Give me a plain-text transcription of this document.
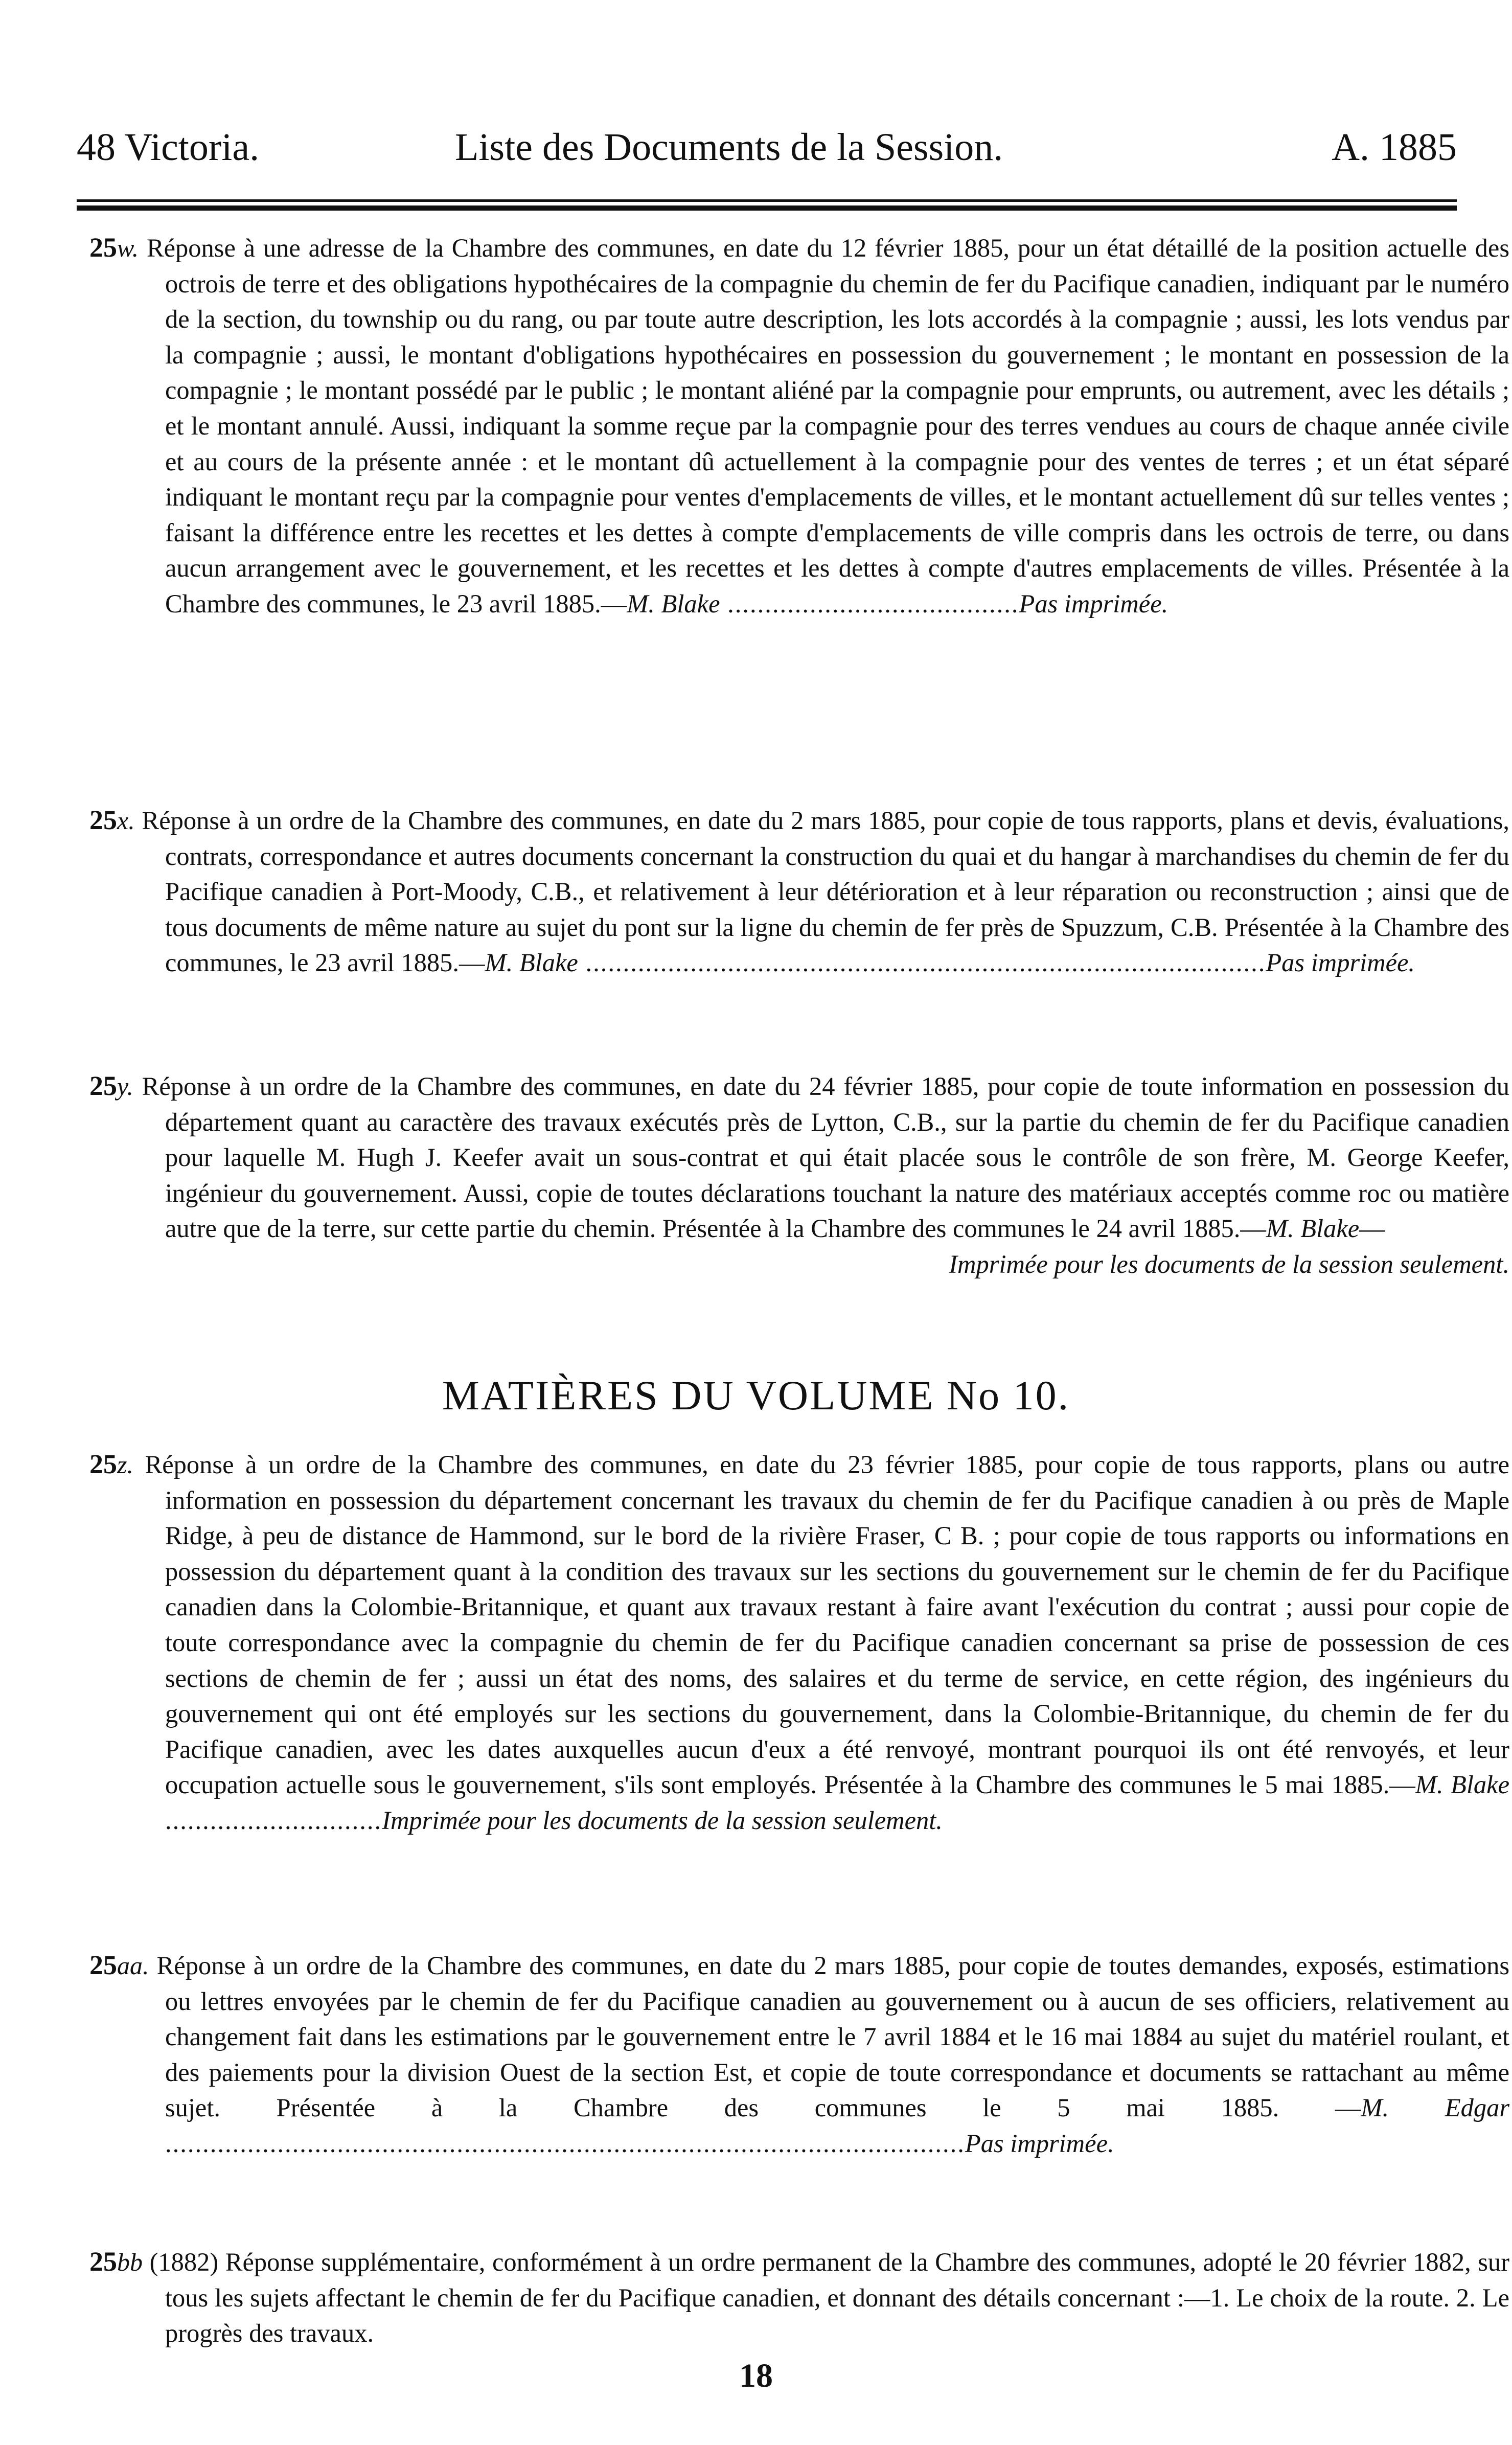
48 Victoria.	Liste des Documents de la Session.	A. 1885
25w. Réponse à une adresse de la Chambre des communes, en date du 12 février 1885, pour un état détaillé de la position actuelle des octrois de terre et des obligations hypothécaires de la compagnie du chemin de fer du Pacifique canadien, indiquant par le numéro de la section, du township ou du rang, ou par toute autre description, les lots accordés à la compagnie ; aussi, les lots vendus par la compagnie ; aussi, le montant d'obligations hypothécaires en possession du gouvernement ; le montant en possession de la compagnie ; le montant possédé par le public ; le montant aliéné par la compagnie pour emprunts, ou autrement, avec les détails ; et le montant annulé. Aussi, indiquant la somme reçue par la compagnie pour des terres vendues au cours de chaque année civile et au cours de la présente année : et le montant dû actuellement à la compagnie pour des ventes de terres ; et un état séparé indiquant le montant reçu par la compagnie pour ventes d'emplacements de villes, et le montant actuellement dû sur telles ventes ; faisant la différence entre les recettes et les dettes à compte d'emplacements de ville compris dans les octrois de terre, ou dans aucun arrangement avec le gouvernement, et les recettes et les dettes à compte d'autres emplacements de villes. Présentée à la Chambre des communes, le 23 avril 1885.—M. Blake .......................................Pas imprimée.
25x. Réponse à un ordre de la Chambre des communes, en date du 2 mars 1885, pour copie de tous rapports, plans et devis, évaluations, contrats, correspondance et autres documents concernant la construction du quai et du hangar à marchandises du chemin de fer du Pacifique canadien à Port-Moody, C.B., et relativement à leur détérioration et à leur réparation ou reconstruction ; ainsi que de tous documents de même nature au sujet du pont sur la ligne du chemin de fer près de Spuzzum, C.B. Présentée à la Chambre des communes, le 23 avril 1885.—M. Blake ...........................................................................................Pas imprimée.
25y. Réponse à un ordre de la Chambre des communes, en date du 24 février 1885, pour copie de toute information en possession du département quant au caractère des travaux exécutés près de Lytton, C.B., sur la partie du chemin de fer du Pacifique canadien pour laquelle M. Hugh J. Keefer avait un sous-contrat et qui était placée sous le contrôle de son frère, M. George Keefer, ingénieur du gouvernement. Aussi, copie de toutes déclarations touchant la nature des matériaux acceptés comme roc ou matière autre que de la terre, sur cette partie du chemin. Présentée à la Chambre des communes le 24 avril 1885.—M. Blake—
Imprimée pour les documents de la session seulement.
MATIÈRES DU VOLUME No 10.
25z. Réponse à un ordre de la Chambre des communes, en date du 23 février 1885, pour copie de tous rapports, plans ou autre information en possession du département concernant les travaux du chemin de fer du Pacifique canadien à ou près de Maple Ridge, à peu de distance de Hammond, sur le bord de la rivière Fraser, C B. ; pour copie de tous rapports ou informations en possession du département quant à la condition des travaux sur les sections du gouvernement sur le chemin de fer du Pacifique canadien dans la Colombie-Britannique, et quant aux travaux restant à faire avant l'exécution du contrat ; aussi pour copie de toute correspondance avec la compagnie du chemin de fer du Pacifique canadien concernant sa prise de possession de ces sections de chemin de fer ; aussi un état des noms, des salaires et du terme de service, en cette région, des ingénieurs du gouvernement qui ont été employés sur les sections du gouvernement, dans la Colombie-Britannique, du chemin de fer du Pacifique canadien, avec les dates auxquelles aucun d'eux a été renvoyé, montrant pourquoi ils ont été renvoyés, et leur occupation actuelle sous le gouvernement, s'ils sont employés. Présentée à la Chambre des communes le 5 mai 1885.—M. Blake .............................Imprimée pour les documents de la session seulement.
25aa. Réponse à un ordre de la Chambre des communes, en date du 2 mars 1885, pour copie de toutes demandes, exposés, estimations ou lettres envoyées par le chemin de fer du Pacifique canadien au gouvernement ou à aucun de ses officiers, relativement au changement fait dans les estimations par le gouvernement entre le 7 avril 1884 et le 16 mai 1884 au sujet du matériel roulant, et des paiements pour la division Ouest de la section Est, et copie de toute correspondance et documents se rattachant au même sujet. Présentée à la Chambre des communes le 5 mai 1885. —M. Edgar ...........................................................................................................Pas imprimée.
25bb (1882) Réponse supplémentaire, conformément à un ordre permanent de la Chambre des communes, adopté le 20 février 1882, sur tous les sujets affectant le chemin de fer du Pacifique canadien, et donnant des détails concernant :—1. Le choix de la route. 2. Le progrès des travaux.
18
